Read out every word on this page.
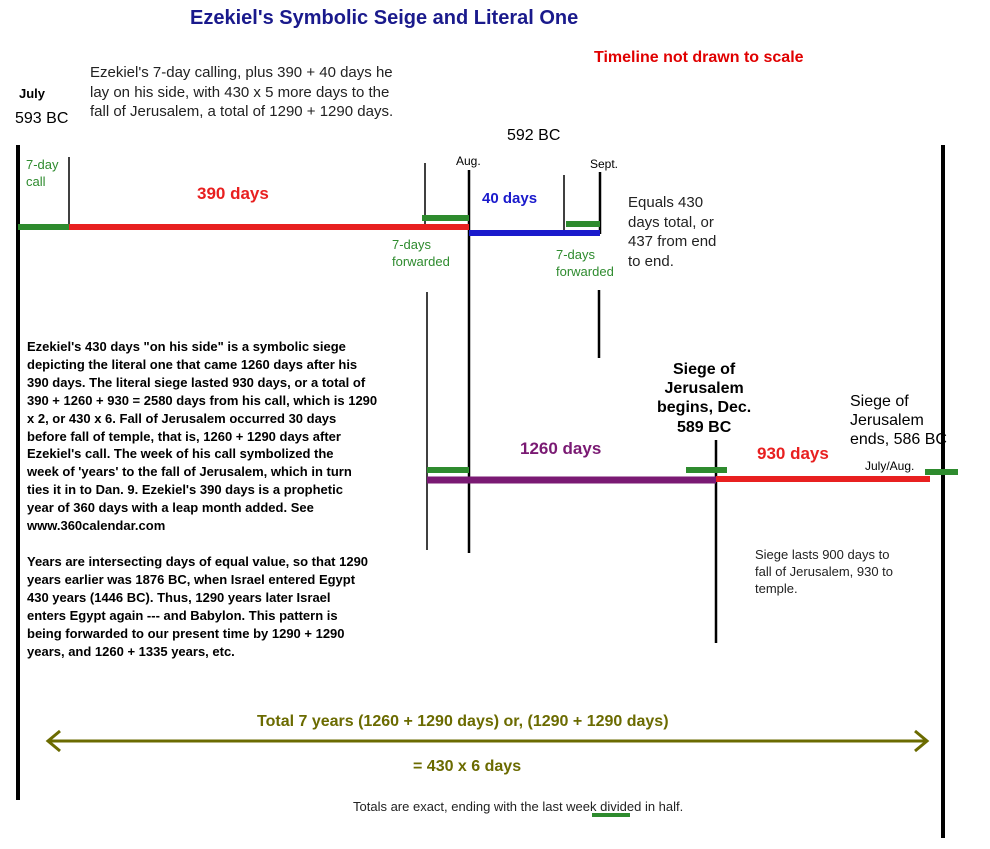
Ezekiel's Symbolic Seige and Literal One
Timeline not drawn to scale
July
593 BC
Ezekiel's 7-day calling, plus 390 + 40 days he
lay on his side, with 430 x 5 more days to the
fall of Jerusalem, a total of 1290 + 1290 days.
592 BC
Aug.	Sept.
7-day
call
390 days	40 days	Equals 430
days total, or
437 from end
to end.
7-days
forwarded	7-days
forwarded
Ezekiel's 430 days "on his side" is a symbolic siege
depicting the literal one that came 1260 days after his
390 days. The literal siege lasted 930 days, or a total of
390 + 1260 + 930 = 2580 days from his call, which is 1290
x 2, or 430 x 6. Fall of Jerusalem occurred 30 days
before fall of temple, that is, 1260 + 1290 days after
Ezekiel's call. The week of his call symbolized the
week of 'years' to the fall of Jerusalem, which in turn
ties it in to Dan. 9. Ezekiel's 390 days is a prophetic
year of 360 days with a leap month added. See
www.360calendar.com
Years are intersecting days of equal value, so that 1290
years earlier was 1876 BC, when Israel entered Egypt
430 years (1446 BC). Thus, 1290 years later Israel
enters Egypt again --- and Babylon. This pattern is
being forwarded to our present time by 1290 + 1290
years, and 1260 + 1335 years, etc.
Siege of
Jerusalem
begins, Dec.
589 BC
Siege of
Jerusalem
ends, 586 BC
1260 days	930 days
July/Aug.
Siege lasts 900 days to
fall of Jerusalem, 930 to
temple.
Total 7 years (1260 + 1290 days) or, (1290 + 1290 days)
= 430 x 6 days
Totals are exact, ending with the last week divided in half.
